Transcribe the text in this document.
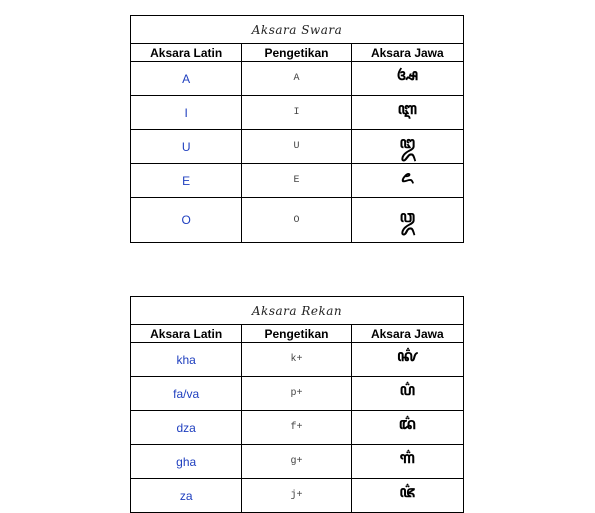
Aksara Swara		
Aksara Latin	Pengetikan	Aksara Jawa
A	A	ꦄ
I	I	ꦆ
U	U	ꦈ
E	E	ꦌ
O	O	ꦎ
Aksara Rekan		
Aksara Latin	Pengetikan	Aksara Jawa
kha	k+	ꦑ꦳
fa/va	p+	ꦥ꦳
dza	f+	ꦢ꦳
gha	g+	ꦒ꦳
za	j+	ꦗ꦳
